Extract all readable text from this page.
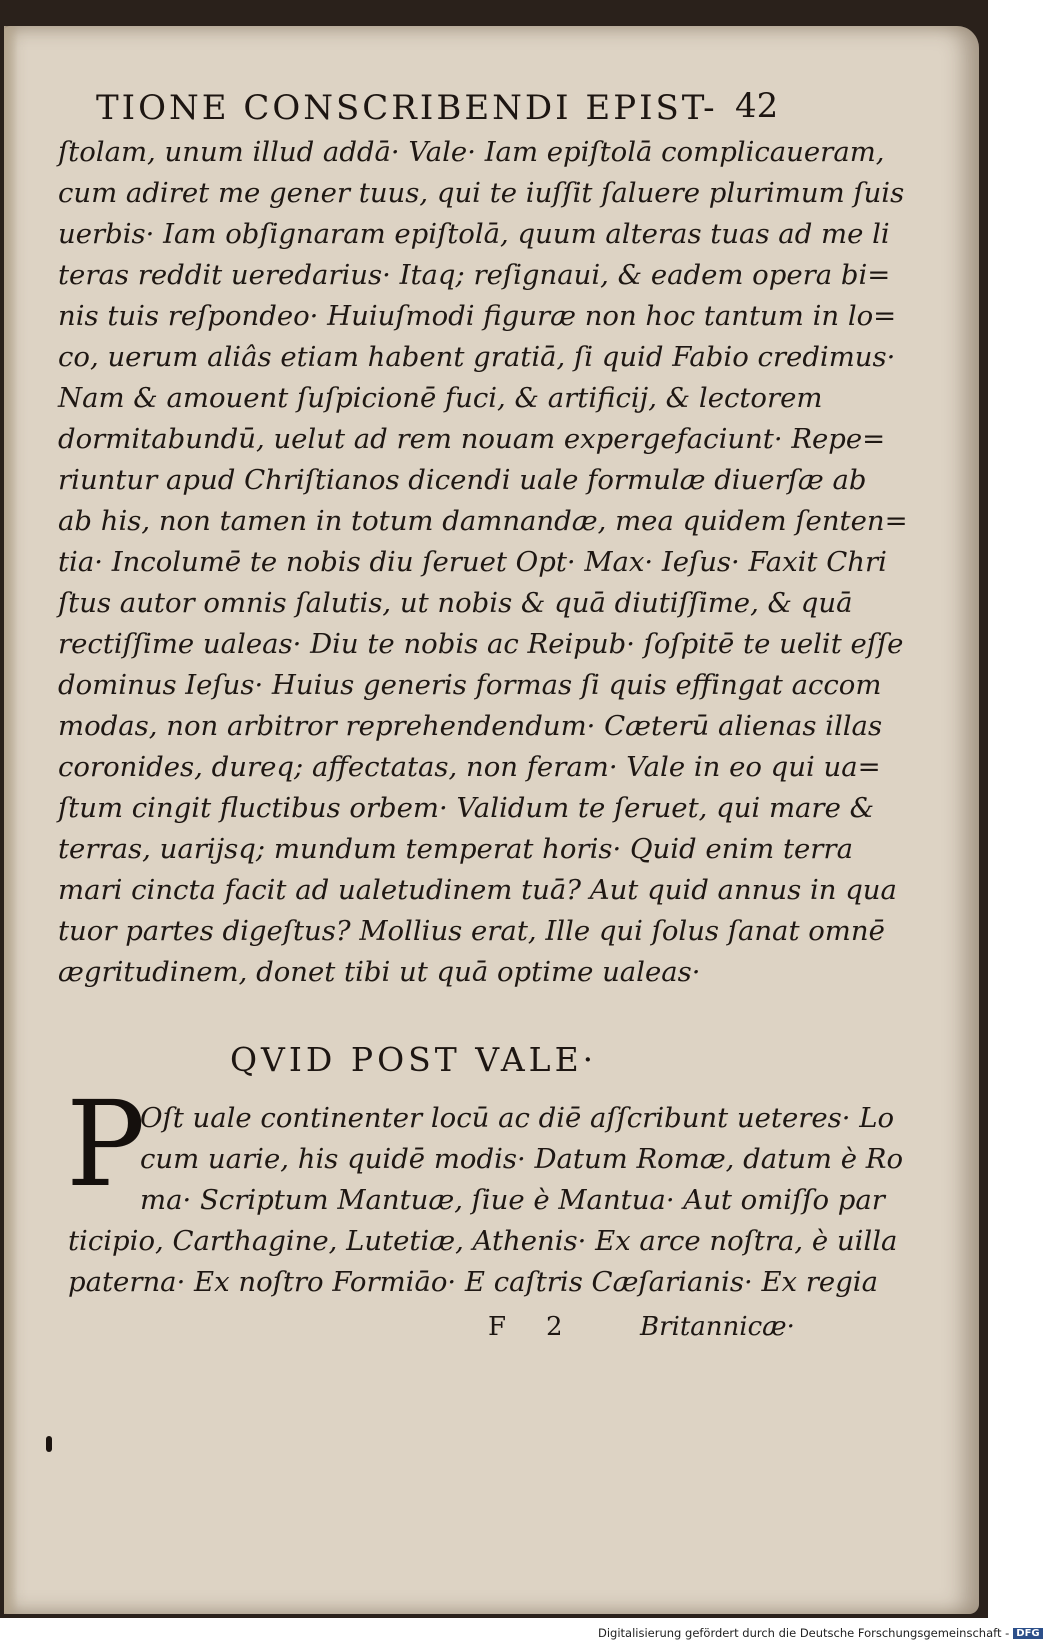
TIONE CONSCRIBENDI EPIST- 42
ſtolam, unum illud addā· Vale· Iam epiſtolā complicaueram,
cum adiret me gener tuus, qui te iuſſit ſaluere plurimum ſuis
uerbis· Iam obſignaram epiſtolā, quum alteras tuas ad me li
teras reddit ueredarius· Itaq; reſignaui, & eadem opera bi=
nis tuis reſpondeo· Huiuſmodi figuræ non hoc tantum in lo=
co, uerum aliâs etiam habent gratiā, ſi quid Fabio credimus·
Nam & amouent ſuſpicionē fuci, & artificij, & lectorem
dormitabundū, uelut ad rem nouam expergefaciunt· Repe=
riuntur apud Chriſtianos dicendi uale formulæ diuerſæ ab
ab his, non tamen in totum damnandæ, mea quidem ſenten=
tia· Incolumē te nobis diu ſeruet Opt· Max· Ieſus· Faxit Chri
ſtus autor omnis ſalutis, ut nobis & quā diutiſſime, & quā
rectiſſime ualeas· Diu te nobis ac Reipub· ſoſpitē te uelit eſſe
dominus Ieſus· Huius generis formas ſi quis effingat accom
modas, non arbitror reprehendendum· Cæterū alienas illas
coronides, dureq; affectatas, non feram· Vale in eo qui ua=
ſtum cingit fluctibus orbem· Validum te ſeruet, qui mare &
terras, uarijsq; mundum temperat horis· Quid enim terra
mari cincta facit ad ualetudinem tuā? Aut quid annus in qua
tuor partes digeſtus? Mollius erat, Ille qui ſolus ſanat omnē
ægritudinem, donet tibi ut quā optime ualeas·
QVID POST VALE·
P
Oſt uale continenter locū ac diē aſſcribunt ueteres· Lo
cum uarie, his quidē modis· Datum Romæ, datum è Ro
ma· Scriptum Mantuæ, ſiue è Mantua· Aut omiſſo par
ticipio, Carthagine, Lutetiæ, Athenis· Ex arce noſtra, è uilla
paterna· Ex noſtro Formiāo· E caſtris Cæſarianis· Ex regia
F 2	Britannicæ·
Digitalisierung gefördert durch die Deutsche Forschungsgemeinschaft - DFG
